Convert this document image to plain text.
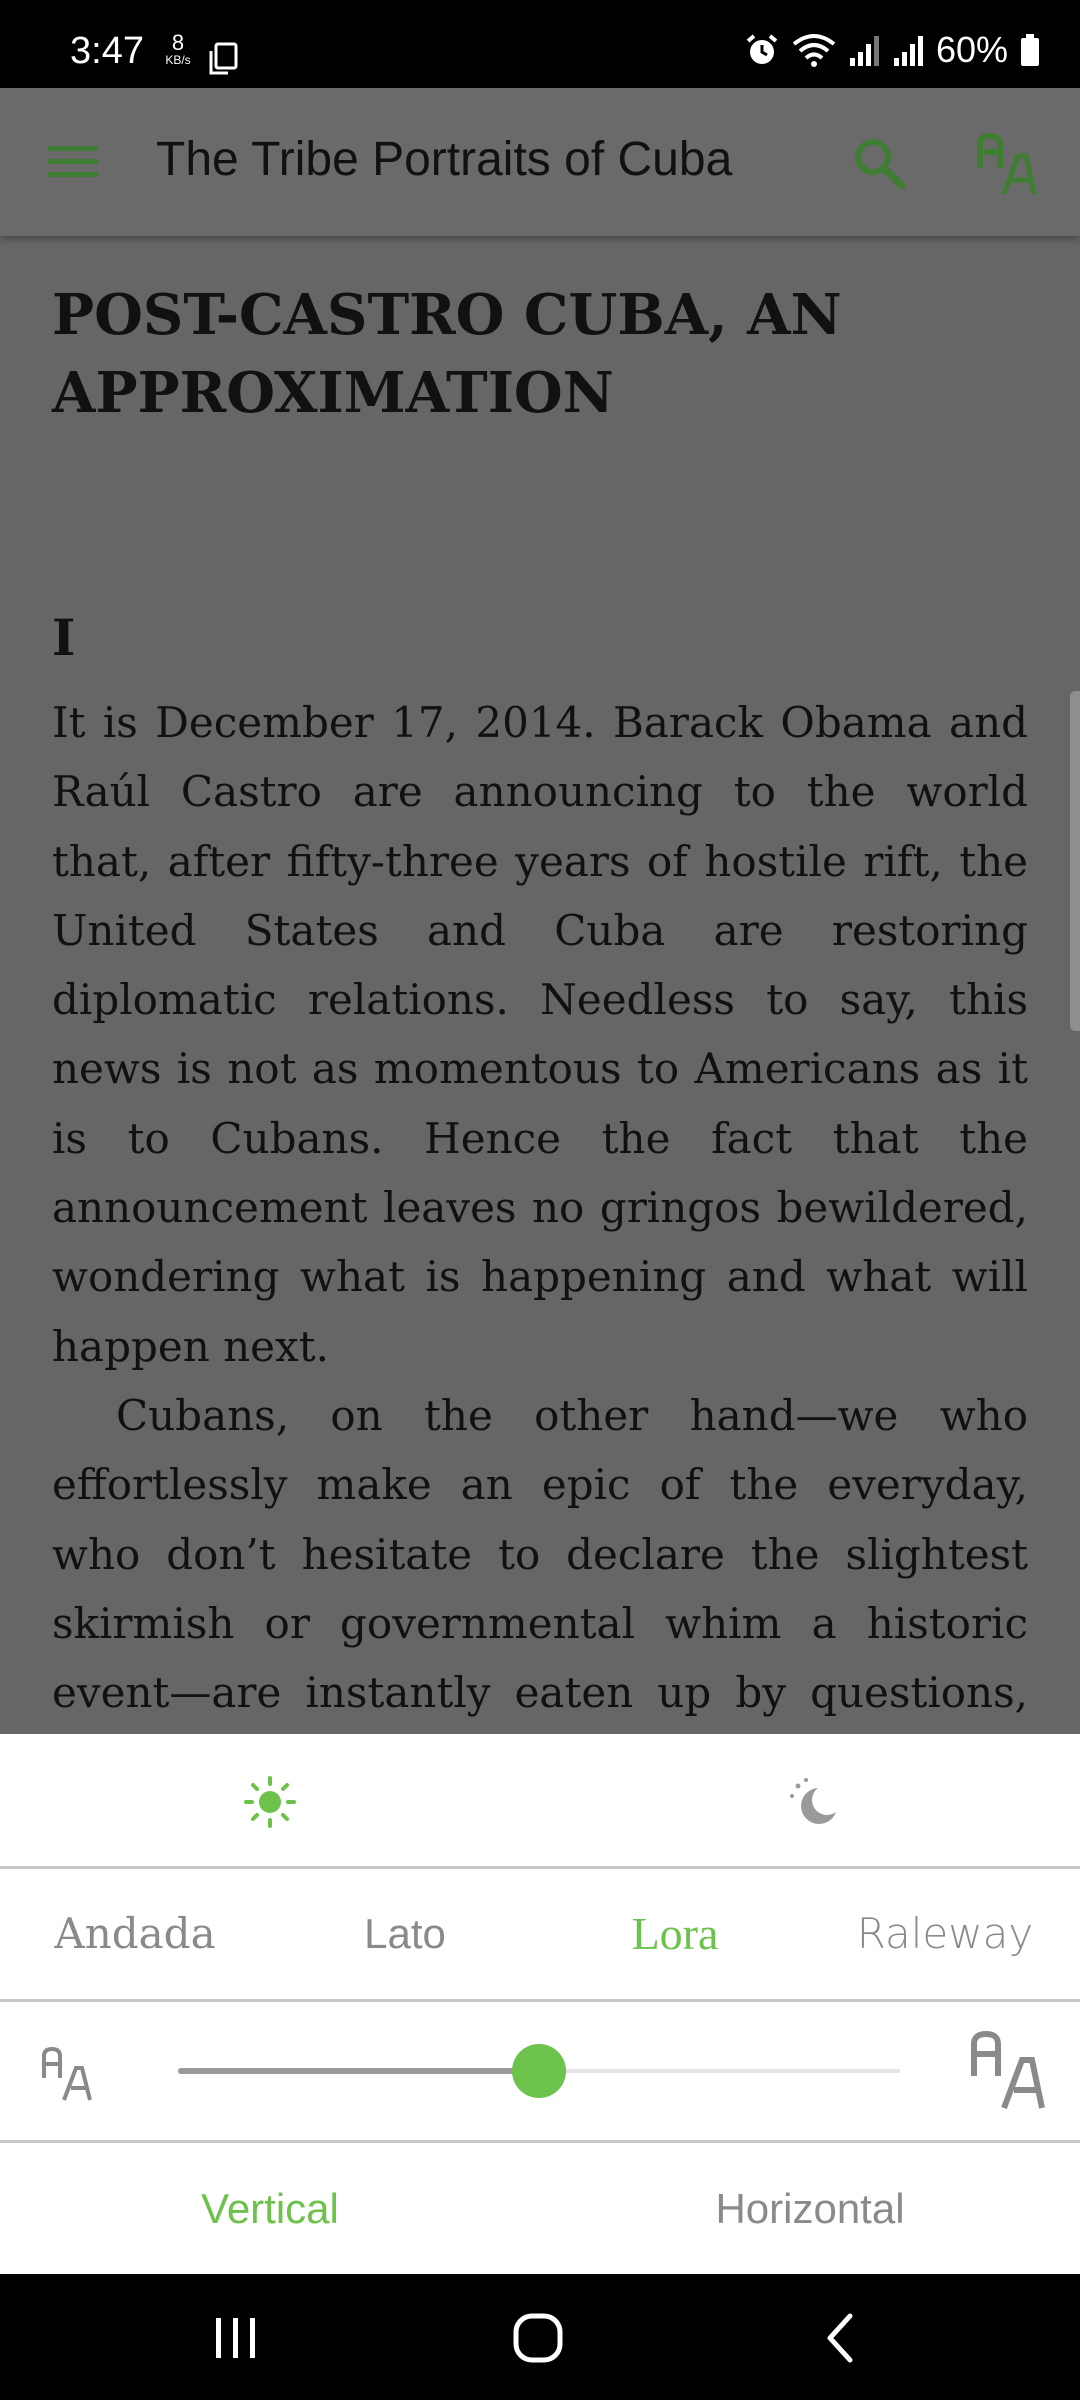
3:47	8
KB/s	60%
The Tribe Portraits of Cuba
POST-CASTRO CUBA, AN APPROXIMATION
I

It is December 17, 2014. Barack Obama and Raúl Castro are announcing to the world that, after fifty-three years of hostile rift, the United States and Cuba are restoring diplomatic relations. Needless to say, this news is not as momentous to Americans as it is to Cubans. Hence the fact that the announcement leaves no gringos bewildered, wondering what is happening and what will happen next.

Cubans, on the other hand—we who effortlessly make an epic of the everyday, who don’t hesitate to declare the slightest skirmish or governmental whim a historic event—are instantly eaten up by questions,

Andada	Lato	Lora	Raleway
Vertical	Horizontal
